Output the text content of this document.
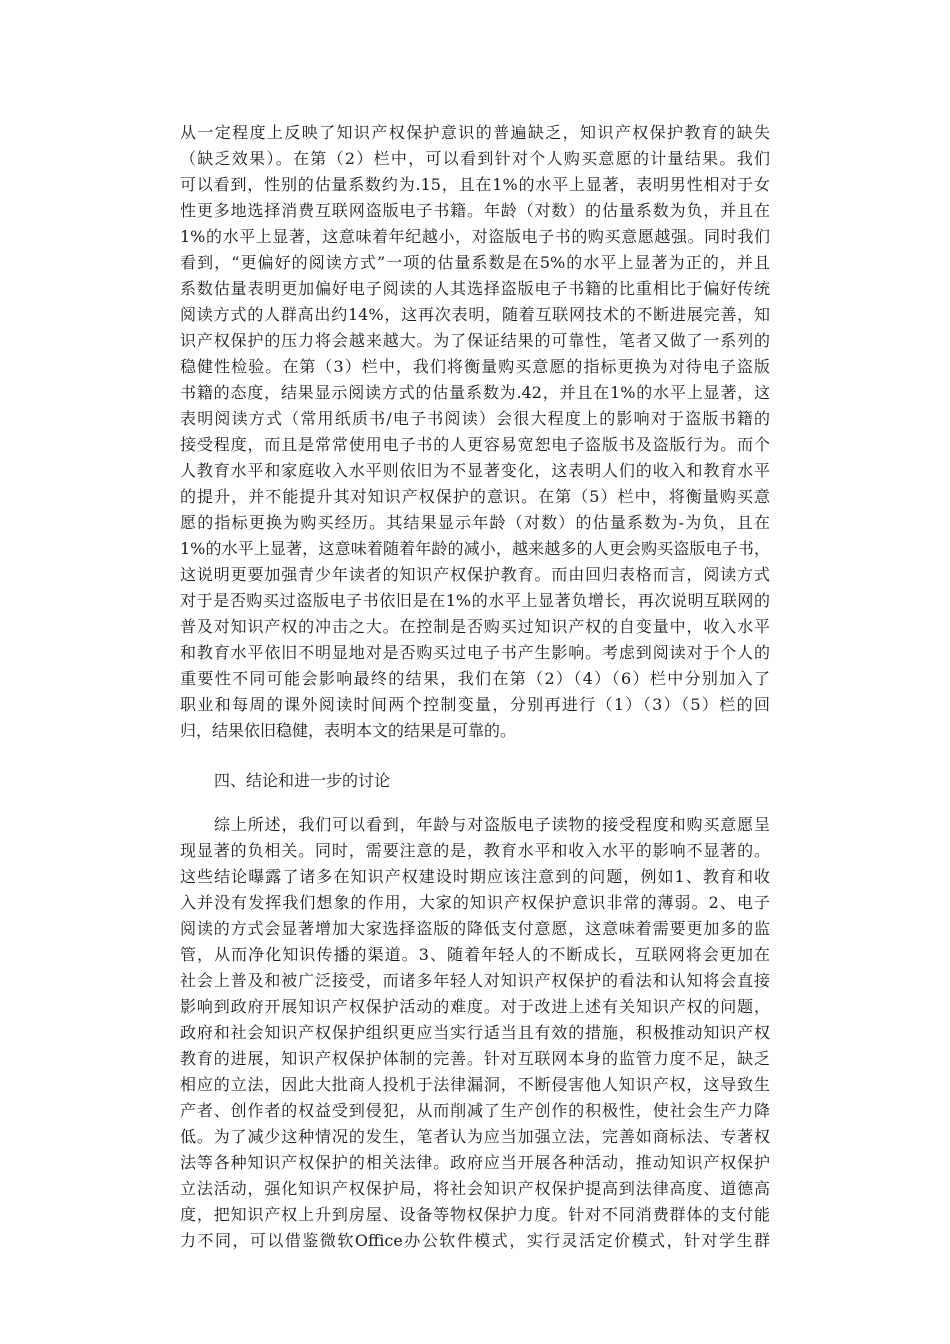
从一定程度上反映了知识产权保护意识的普遍缺乏，知识产权保护教育的缺失
（缺乏效果）。在第（2）栏中，可以看到针对个人购买意愿的计量结果。我们
可以看到，性别的估量系数约为.15，且在1%的水平上显著，表明男性相对于女
性更多地选择消费互联网盗版电子书籍。年龄（对数）的估量系数为负，并且在
1%的水平上显著，这意味着年纪越小，对盗版电子书的购买意愿越强。同时我们
看到，“更偏好的阅读方式”一项的估量系数是在5%的水平上显著为正的，并且
系数估量表明更加偏好电子阅读的人其选择盗版电子书籍的比重相比于偏好传统
阅读方式的人群高出约14%，这再次表明，随着互联网技术的不断进展完善，知
识产权保护的压力将会越来越大。为了保证结果的可靠性，笔者又做了一系列的
稳健性检验。在第（3）栏中，我们将衡量购买意愿的指标更换为对待电子盗版
书籍的态度，结果显示阅读方式的估量系数为.42，并且在1%的水平上显著，这
表明阅读方式（常用纸质书/电子书阅读）会很大程度上的影响对于盗版书籍的
接受程度，而且是常常使用电子书的人更容易宽恕电子盗版书及盗版行为。而个
人教育水平和家庭收入水平则依旧为不显著变化，这表明人们的收入和教育水平
的提升，并不能提升其对知识产权保护的意识。在第（5）栏中，将衡量购买意
愿的指标更换为购买经历。其结果显示年龄（对数）的估量系数为-为负，且在
1%的水平上显著，这意味着随着年龄的减小，越来越多的人更会购买盗版电子书，
这说明更要加强青少年读者的知识产权保护教育。而由回归表格而言，阅读方式
对于是否购买过盗版电子书依旧是在1%的水平上显著负增长，再次说明互联网的
普及对知识产权的冲击之大。在控制是否购买过知识产权的自变量中，收入水平
和教育水平依旧不明显地对是否购买过电子书产生影响。考虑到阅读对于个人的
重要性不同可能会影响最终的结果，我们在第（2）（4）（6）栏中分别加入了
职业和每周的课外阅读时间两个控制变量，分别再进行（1）（3）（5）栏的回
归，结果依旧稳健，表明本文的结果是可靠的。
四、结论和进一步的讨论
综上所述，我们可以看到，年龄与对盗版电子读物的接受程度和购买意愿呈
现显著的负相关。同时，需要注意的是，教育水平和收入水平的影响不显著的。
这些结论曝露了诸多在知识产权建设时期应该注意到的问题，例如1、教育和收
入并没有发挥我们想象的作用，大家的知识产权保护意识非常的薄弱。2、电子
阅读的方式会显著增加大家选择盗版的降低支付意愿，这意味着需要更加多的监
管，从而净化知识传播的渠道。3、随着年轻人的不断成长，互联网将会更加在
社会上普及和被广泛接受，而诸多年轻人对知识产权保护的看法和认知将会直接
影响到政府开展知识产权保护活动的难度。对于改进上述有关知识产权的问题，
政府和社会知识产权保护组织更应当实行适当且有效的措施，积极推动知识产权
教育的进展，知识产权保护体制的完善。针对互联网本身的监管力度不足，缺乏
相应的立法，因此大批商人投机于法律漏洞，不断侵害他人知识产权，这导致生
产者、创作者的权益受到侵犯，从而削减了生产创作的积极性，使社会生产力降
低。为了减少这种情况的发生，笔者认为应当加强立法，完善如商标法、专著权
法等各种知识产权保护的相关法律。政府应当开展各种活动，推动知识产权保护
立法活动，强化知识产权保护局，将社会知识产权保护提高到法律高度、道德高
度，把知识产权上升到房屋、设备等物权保护力度。针对不同消费群体的支付能
力不同，可以借鉴微软Office办公软件模式，实行灵活定价模式，针对学生群
